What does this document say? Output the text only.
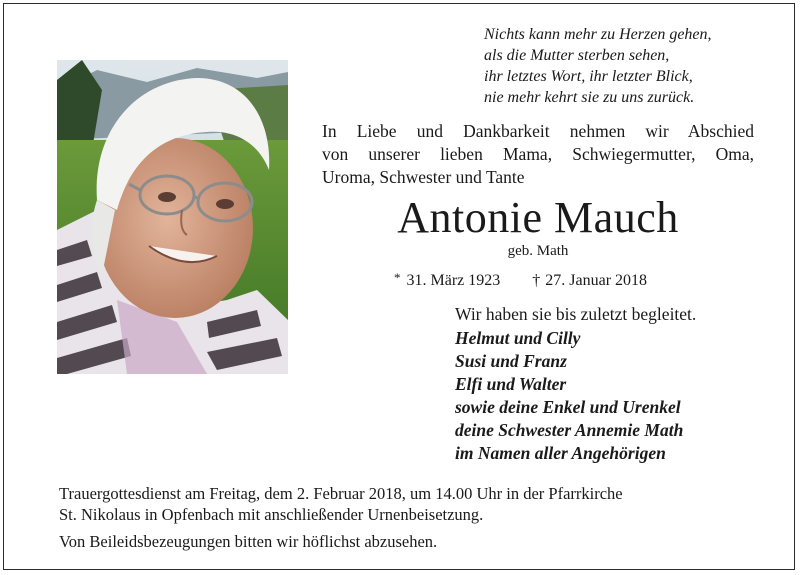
Nichts kann mehr zu Herzen gehen,
als die Mutter sterben sehen,
ihr letztes Wort, ihr letzter Blick,
nie mehr kehrt sie zu uns zurück.
In Liebe und Dankbarkeit nehmen wir Abschied
von unserer lieben Mama, Schwiegermutter, Oma,
Uroma, Schwester und Tante
Antonie Mauch
geb. Math
* 31. März 1923 † 27. Januar 2018
Wir haben sie bis zuletzt begleitet.
Helmut und Cilly
Susi und Franz
Elfi und Walter
sowie deine Enkel und Urenkel
deine Schwester Annemie Math
im Namen aller Angehörigen
Trauergottesdienst am Freitag, dem 2. Februar 2018, um 14.00 Uhr in der Pfarrkirche
St. Nikolaus in Opfenbach mit anschließender Urnenbeisetzung.
Von Beileidsbezeugungen bitten wir höflichst abzusehen.
